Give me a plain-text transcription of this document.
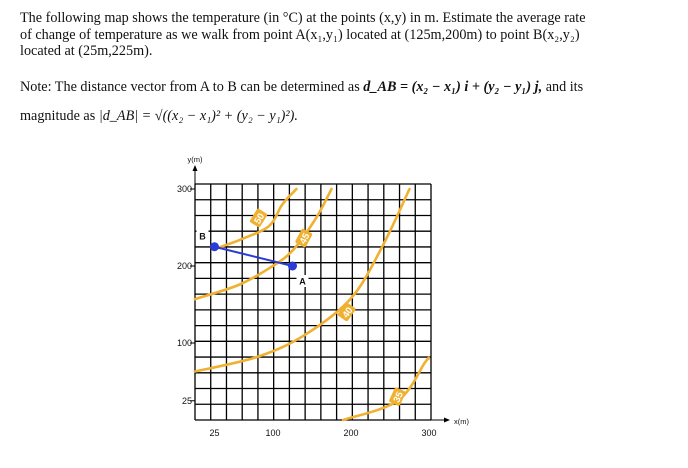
The following map shows the temperature (in °C) at the points (x,y) in m. Estimate the average rate
of change of temperature as we walk from point A(x₁,y₁) located at (125m,200m) to point B(x₂,y₂)
located at (25m,225m).

Note: The distance vector from A to B can be determined as d_AB = (x₂ − x₁) i + (y₂ − y₁) j, and its

magnitude as |d_AB| = √((x₂ − x₁)² + (y₂ − y₁)²).

25	100	200	300
25
100
200
300
x(m)
y(m)
50
45
40
35
A
B
